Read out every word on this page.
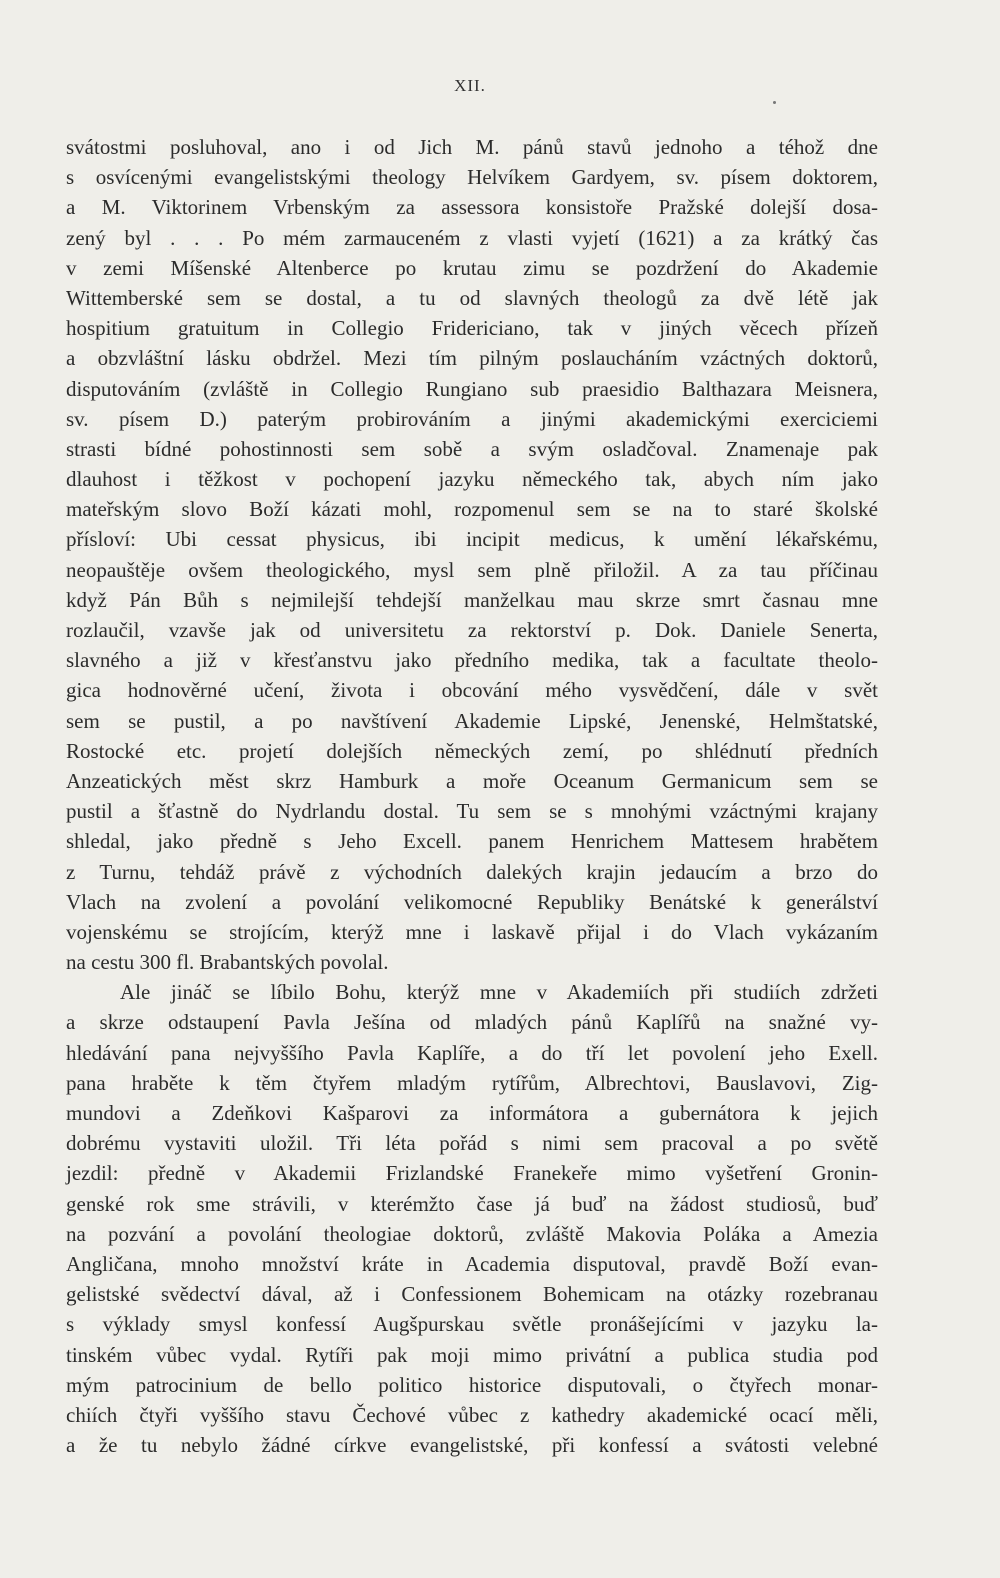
XII.
svátostmi posluhoval, ano i od Jich M. pánů stavů jednoho a téhož dne
s osvícenými evangelistskými theology Helvíkem Gardyem, sv. písem doktorem,
a M. Viktorinem Vrbenským za assessora konsistoře Pražské dolejší dosa-
zený byl . . . Po mém zarmauceném z vlasti vyjetí (1621) a za krátký čas
v zemi Míšenské Altenberce po krutau zimu se pozdržení do Akademie
Wittemberské sem se dostal, a tu od slavných theologů za dvě létě jak
hospitium gratuitum in Collegio Fridericiano, tak v jiných věcech přízeň
a obzvláštní lásku obdržel. Mezi tím pilným poslaucháním vzáctných doktorů,
disputováním (zvláště in Collegio Rungiano sub praesidio Balthazara Meisnera,
sv. písem D.) paterým probirováním a jinými akademickými exerciciemi
strasti bídné pohostinnosti sem sobě a svým osladčoval. Znamenaje pak
dlauhost i těžkost v pochopení jazyku německého tak, abych ním jako
mateřským slovo Boží kázati mohl, rozpomenul sem se na to staré školské
přísloví: Ubi cessat physicus, ibi incipit medicus, k umění lékařskému,
neopauštěje ovšem theologického, mysl sem plně přiložil. A za tau příčinau
když Pán Bůh s nejmilejší tehdejší manželkau mau skrze smrt časnau mne
rozlaučil, vzavše jak od universitetu za rektorství p. Dok. Daniele Senerta,
slavného a již v křesťanstvu jako předního medika, tak a facultate theolo-
gica hodnověrné učení, života i obcování mého vysvědčení, dále v svět
sem se pustil, a po navštívení Akademie Lipské, Jenenské, Helmštatské,
Rostocké etc. projetí dolejších německých zemí, po shlédnutí předních
Anzeatických měst skrz Hamburk a moře Oceanum Germanicum sem se
pustil a šťastně do Nydrlandu dostal. Tu sem se s mnohými vzáctnými krajany
shledal, jako předně s Jeho Excell. panem Henrichem Mattesem hrabětem
z Turnu, tehdáž právě z východních dalekých krajin jedaucím a brzo do
Vlach na zvolení a povolání velikomocné Republiky Benátské k generálství
vojenskému se strojícím, kterýž mne i laskavě přijal i do Vlach vykázaním
na cestu 300 fl. Brabantských povolal.
Ale jináč se líbilo Bohu, kterýž mne v Akademiích při studiích zdržeti
a skrze odstaupení Pavla Ješína od mladých pánů Kaplířů na snažné vy-
hledávání pana nejvyššího Pavla Kaplíře, a do tří let povolení jeho Exell.
pana hraběte k těm čtyřem mladým rytířům, Albrechtovi, Bauslavovi, Zig-
mundovi a Zdeňkovi Kašparovi za informátora a gubernátora k jejich
dobrému vystaviti uložil. Tři léta pořád s nimi sem pracoval a po světě
jezdil: předně v Akademii Frizlandské Franekeře mimo vyšetření Gronin-
genské rok sme strávili, v kterémžto čase já buď na žádost studiosů, buď
na pozvání a povolání theologiae doktorů, zvláště Makovia Poláka a Amezia
Angličana, mnoho množství kráte in Academia disputoval, pravdě Boží evan-
gelistské svědectví dával, až i Confessionem Bohemicam na otázky rozebranau
s výklady smysl konfessí Augšpurskau světle pronášejícími v jazyku la-
tinském vůbec vydal. Rytíři pak moji mimo privátní a publica studia pod
mým patrocinium de bello politico historice disputovali, o čtyřech monar-
chiích čtyři vyššího stavu Čechové vůbec z kathedry akademické ocací měli,
a že tu nebylo žádné církve evangelistské, při konfessí a svátosti velebné
